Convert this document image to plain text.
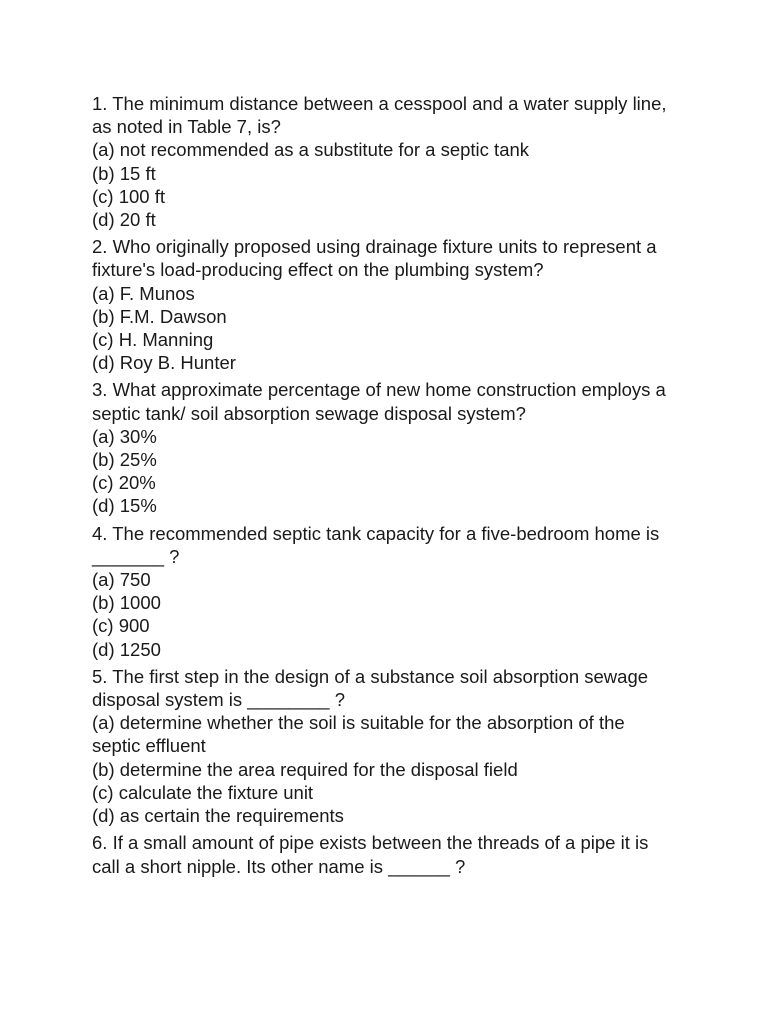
1. The minimum distance between a cesspool and a water supply line, as noted in Table 7, is?

(a) not recommended as a substitute for a septic tank
(b) 15 ft
(c) 100 ft
(d) 20 ft

2. Who originally proposed using drainage fixture units to represent a fixture's load-producing effect on the plumbing system?

(a) F. Munos
(b) F.M. Dawson
(c) H. Manning
(d) Roy B. Hunter

3. What approximate percentage of new home construction employs a septic tank/ soil absorption sewage disposal system?

(a) 30%
(b) 25%
(c) 20%
(d) 15%

4. The recommended septic tank capacity for a five-bedroom home is _______ ?

(a) 750
(b) 1000
(c) 900
(d) 1250

5. The first step in the design of a substance soil absorption sewage disposal system is ________ ?

(a) determine whether the soil is suitable for the absorption of the septic effluent
(b) determine the area required for the disposal field
(c) calculate the fixture unit
(d) as certain the requirements

6. If a small amount of pipe exists between the threads of a pipe it is call a short nipple. Its other name is ______ ?
